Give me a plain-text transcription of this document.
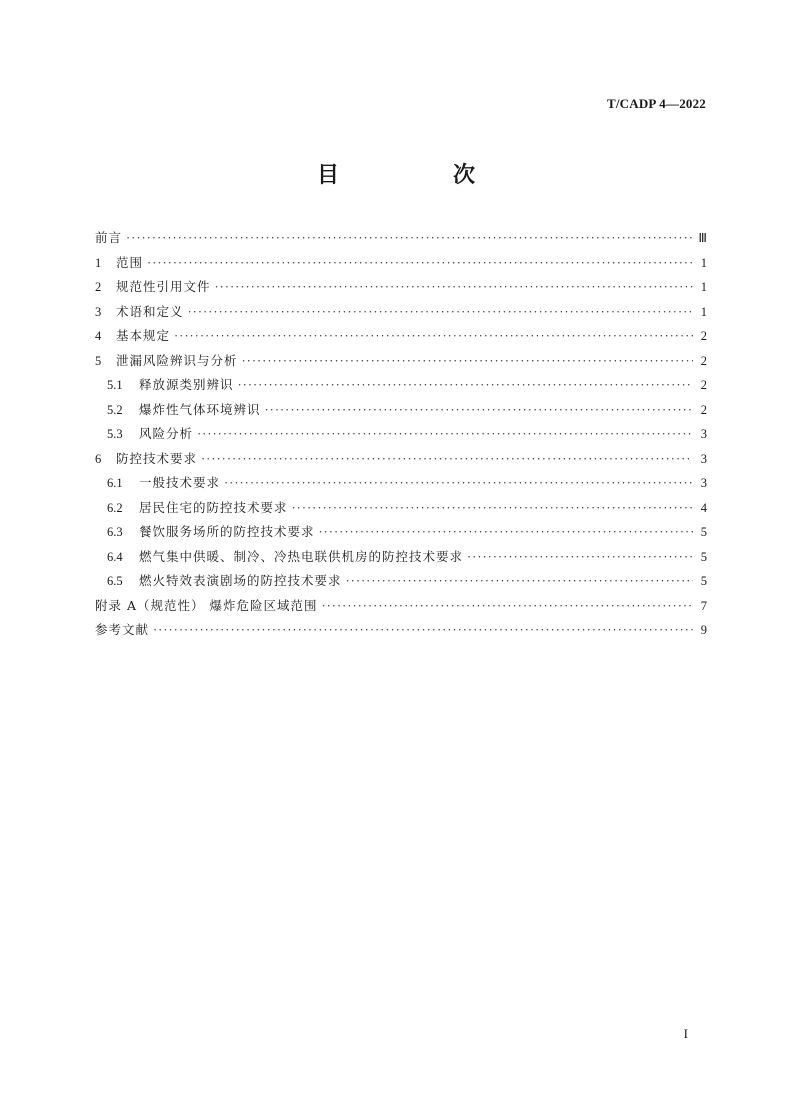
T/CADP 4—2022
目　次
前言 ·····	Ⅲ
1	范围 ·····	1
2	规范性引用文件 ·····	1
3	术语和定义 ·····	1
4	基本规定 ·····	2
5	泄漏风险辨识与分析 ·····	2
5.1	释放源类别辨识 ·····	2
5.2	爆炸性气体环境辨识 ·····	2
5.3	风险分析 ·····	3
6	防控技术要求 ·····	3
6.1	一般技术要求 ·····	3
6.2	居民住宅的防控技术要求 ·····	4
6.3	餐饮服务场所的防控技术要求 ·····	5
6.4	燃气集中供暖、制冷、冷热电联供机房的防控技术要求 ·····	5
6.5	燃火特效表演剧场的防控技术要求 ·····	5
附录 A（规范性） 爆炸危险区域范围 ·····	7
参考文献 ·····	9
I
